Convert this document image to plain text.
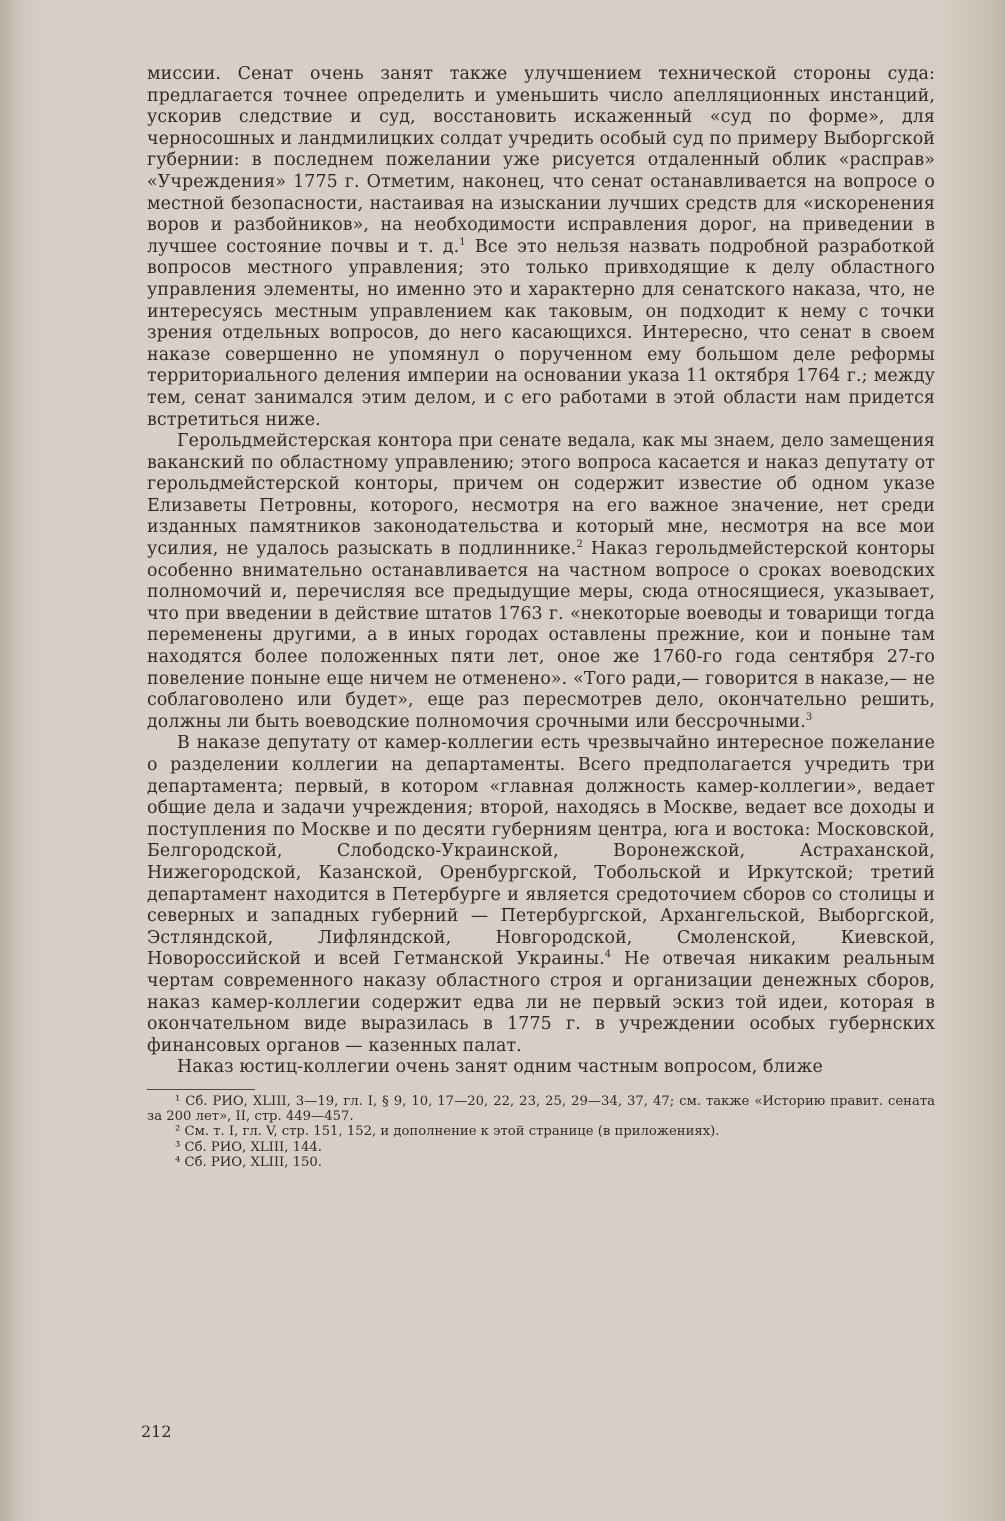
миссии. Сенат очень занят также улучшением технической стороны суда: предлагается точнее определить и уменьшить число апелляционных инстанций, ускорив следствие и суд, восстановить искаженный «суд по форме», для черносошных и ландмилицких солдат учредить особый суд по примеру Выборгской губернии: в последнем пожелании уже рисуется отдаленный облик «расправ» «Учреждения» 1775 г. Отметим, наконец, что сенат останавливается на вопросе о местной безопасности, настаивая на изыскании лучших средств для «искоренения воров и разбойников», на необходимости исправления дорог, на приведении в лучшее состояние почвы и т. д.$^1$ Все это нельзя назвать подробной разработкой вопросов местного управления; это только привходящие к делу областного управления элементы, но именно это и характерно для сенатского наказа, что, не интересуясь местным управлением как таковым, он подходит к нему с точки зрения отдельных вопросов, до него касающихся. Интересно, что сенат в своем наказе совершенно не упомянул о порученном ему большом деле реформы территориального деления империи на основании указа 11 октября 1764 г.; между тем, сенат занимался этим делом, и с его работами в этой области нам придется встретиться ниже.

Герольдмейстерская контора при сенате ведала, как мы знаем, дело замещения ваканский по областному управлению; этого вопроса касается и наказ депутату от герольдмейстерской конторы, причем он содержит известие об одном указе Елизаветы Петровны, которого, несмотря на его важное значение, нет среди изданных памятников законодательства и который мне, несмотря на все мои усилия, не удалось разыскать в подлиннике.$^2$ Наказ герольдмейстерской конторы особенно внимательно останавливается на частном вопросе о сроках воеводских полномочий и, перечисляя все предыдущие меры, сюда относящиеся, указывает, что при введении в действие штатов 1763 г. «некоторые воеводы и товарищи тогда переменены другими, а в иных городах оставлены прежние, кои и поныне там находятся более положенных пяти лет, оное же 1760-го года сентября 27-го повеление поныне еще ничем не отменено». «Того ради,— говорится в наказе,— не соблаговолено или будет», еще раз пересмотрев дело, окончательно решить, должны ли быть воеводские полномочия срочными или бессрочными.$^3$

В наказе депутату от камер-коллегии есть чрезвычайно интересное пожелание о разделении коллегии на департаменты. Всего предполагается учредить три департамента; первый, в котором «главная должность камер-коллегии», ведает общие дела и задачи учреждения; второй, находясь в Москве, ведает все доходы и поступления по Москве и по десяти губерниям центра, юга и востока: Московской, Белгородской, Слободско-Украинской, Воронежской, Астраханской, Нижегородской, Казанской, Оренбургской, Тобольской и Иркутской; третий департамент находится в Петербурге и является средоточием сборов со столицы и северных и западных губерний — Петербургской, Архангельской, Выборгской, Эстляндской, Лифляндской, Новгородской, Смоленской, Киевской, Новороссийской и всей Гетманской Украины.$^4$ Не отвечая никаким реальным чертам современного наказу областного строя и организации денежных сборов, наказ камер-коллегии содержит едва ли не первый эскиз той идеи, которая в окончательном виде выразилась в 1775 г. в учреждении особых губернских финансовых органов — казенных палат.

Наказ юстиц-коллегии очень занят одним частным вопросом, ближе

¹ Сб. РИО, XLIII, 3—19, гл. I, § 9, 10, 17—20, 22, 23, 25, 29—34, 37, 47; см. также «Историю правит. сената за 200 лет», II, стр. 449—457.

² См. т. I, гл. V, стр. 151, 152, и дополнение к этой странице (в приложениях).

³ Сб. РИО, XLIII, 144.

⁴ Сб. РИО, XLIII, 150.

212
